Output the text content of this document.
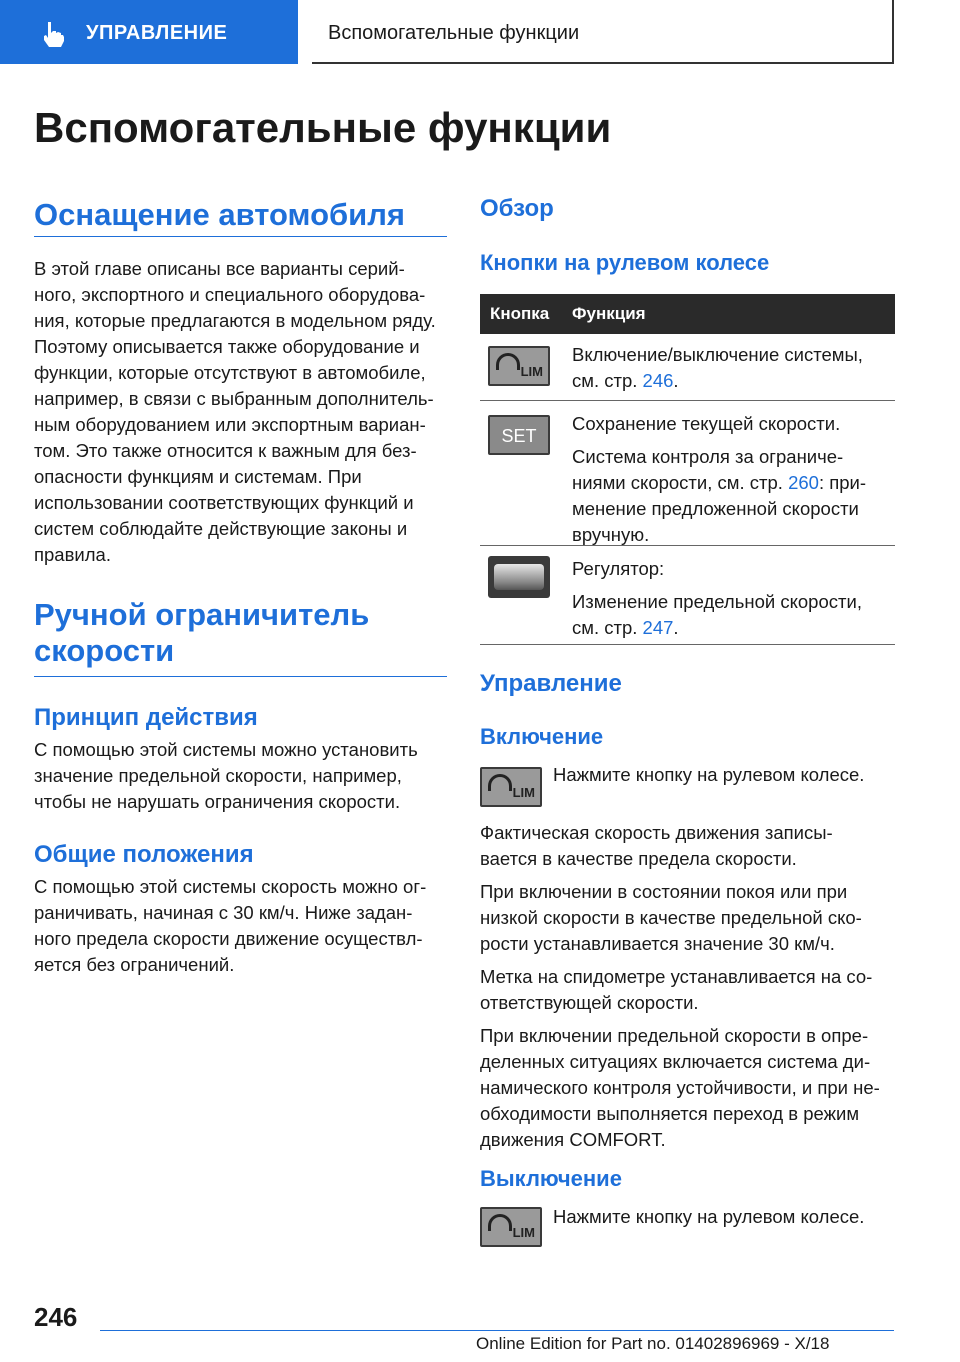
УПРАВЛЕНИЕ	Вспомогательные функции
Вспомогательные функции
Оснащение автомобиля

В этой главе описаны все варианты серий-

ного, экспортного и специального оборудова-

ния, которые предлагаются в модельном ряду.

Поэтому описывается также оборудование и

функции, которые отсутствуют в автомобиле,

например, в связи с выбранным дополнитель-

ным оборудованием или экспортным вариан-

том. Это также относится к важным для без-

опасности функциям и системам. При

использовании соответствующих функций и

систем соблюдайте действующие законы и

правила.

Ручной ограничитель
скорости
Принцип действия

С помощью этой системы можно установить

значение предельной скорости, например,

чтобы не нарушать ограничения скорости.

Общие положения

С помощью этой системы скорость можно ог-

раничивать, начиная с 30 км/ч. Ниже задан-

ного предела скорости движение осуществл-

яется без ограничений.

Обзор
Кнопки на рулевом колесе
Кнопка Функция
LIM

Включение/выключение системы,

см. стр. 246.

SET

Сохранение текущей скорости.

Система контроля за ограниче-

ниями скорости, см. стр. 260: при-

менение предложенной скорости

вручную.

Регулятор:

Изменение предельной скорости,

см. стр. 247.

Управление
Включение
LIM

Нажмите кнопку на рулевом колесе.

Фактическая скорость движения записы-

вается в качестве предела скорости.

При включении в состоянии покоя или при

низкой скорости в качестве предельной ско-

рости устанавливается значение 30 км/ч.

Метка на спидометре устанавливается на со-

ответствующей скорости.

При включении предельной скорости в опре-

деленных ситуациях включается система ди-

намического контроля устойчивости, и при не-

обходимости выполняется переход в режим

движения COMFORT.

Выключение
LIM

Нажмите кнопку на рулевом колесе.

246
Online Edition for Part no. 01402896969 - X/18
